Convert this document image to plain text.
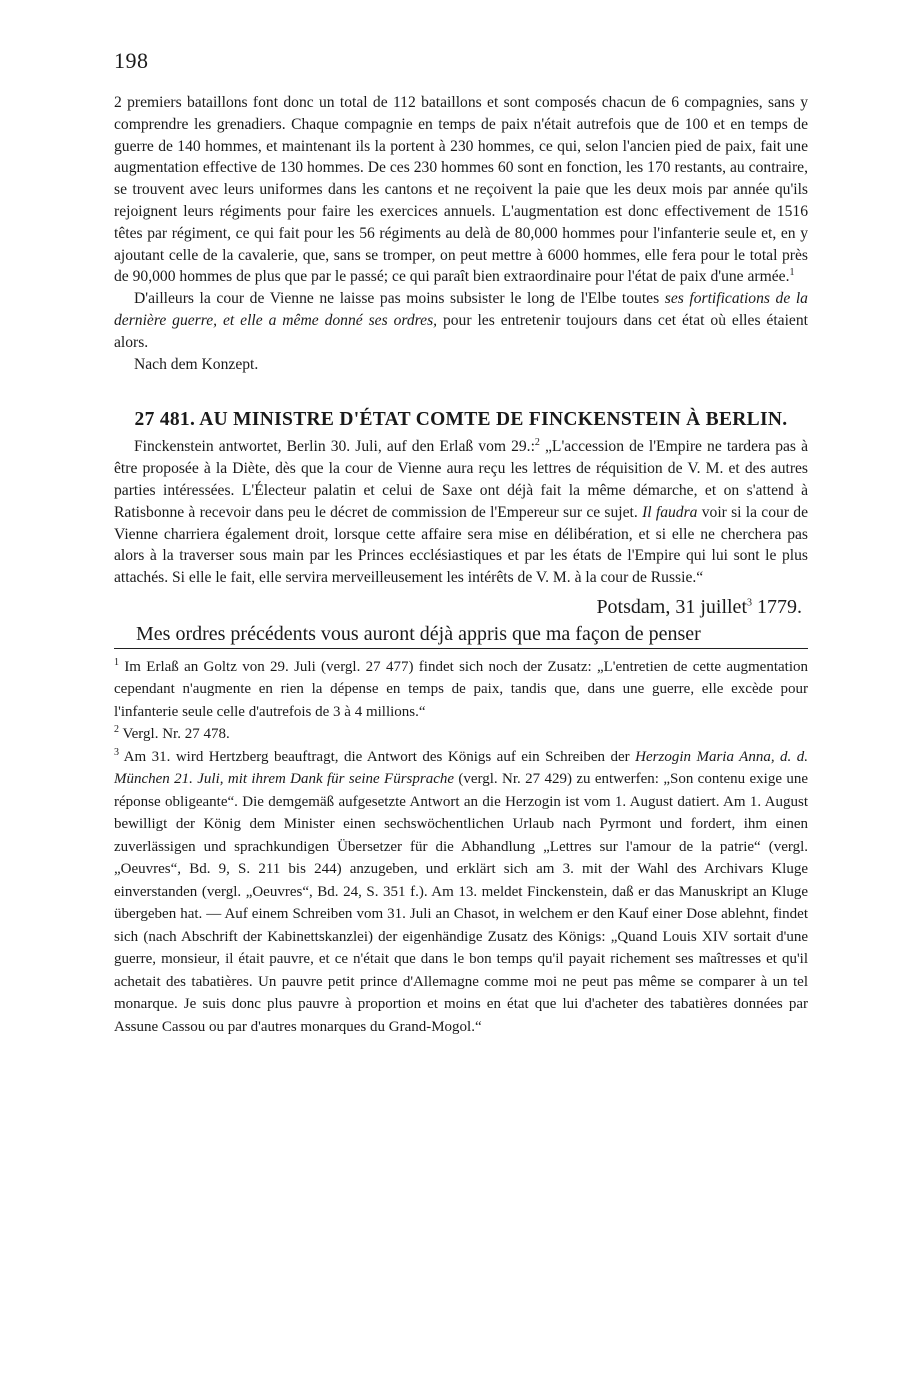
198

2 premiers bataillons font donc un total de 112 bataillons et sont composés chacun de 6 compagnies, sans y comprendre les grenadiers. Chaque compagnie en temps de paix n'était autrefois que de 100 et en temps de guerre de 140 hommes, et maintenant ils la portent à 230 hommes, ce qui, selon l'ancien pied de paix, fait une augmentation effective de 130 hommes. De ces 230 hommes 60 sont en fonction, les 170 restants, au contraire, se trouvent avec leurs uniformes dans les cantons et ne reçoivent la paie que les deux mois par année qu'ils rejoignent leurs régiments pour faire les exercices annuels. L'augmentation est donc effectivement de 1516 têtes par régiment, ce qui fait pour les 56 régiments au delà de 80,000 hommes pour l'infanterie seule et, en y ajoutant celle de la cavalerie, que, sans se tromper, on peut mettre à 6000 hommes, elle fera pour le total près de 90,000 hommes de plus que par le passé; ce qui paraît bien extraordinaire pour l'état de paix d'une armée.$^1$

D'ailleurs la cour de Vienne ne laisse pas moins subsister le long de l'Elbe toutes ses fortifications de la dernière guerre, et elle a même donné ses ordres, pour les entretenir toujours dans cet état où elles étaient alors.

Nach dem Konzept.

27 481. AU MINISTRE D'ÉTAT COMTE DE FINCKENSTEIN À BERLIN.

Finckenstein antwortet, Berlin 30. Juli, auf den Erlaß vom 29.:$^2$ „L'accession de l'Empire ne tardera pas à être proposée à la Diète, dès que la cour de Vienne aura reçu les lettres de réquisition de V. M. et des autres parties intéressées. L'Électeur palatin et celui de Saxe ont déjà fait la même démarche, et on s'attend à Ratisbonne à recevoir dans peu le décret de commission de l'Empereur sur ce sujet. Il faudra voir si la cour de Vienne charriera également droit, lorsque cette affaire sera mise en délibération, et si elle ne cherchera pas alors à la traverser sous main par les Princes ecclésiastiques et par les états de l'Empire qui lui sont le plus attachés. Si elle le fait, elle servira merveilleusement les intérêts de V. M. à la cour de Russie.“

Potsdam, 31 juillet$^3$ 1779.

Mes ordres précédents vous auront déjà appris que ma façon de penser

$^1$ Im Erlaß an Goltz von 29. Juli (vergl. 27 477) findet sich noch der Zusatz: „L'entretien de cette augmentation cependant n'augmente en rien la dépense en temps de paix, tandis que, dans une guerre, elle excède pour l'infanterie seule celle d'autrefois de 3 à 4 millions.“

$^2$ Vergl. Nr. 27 478.

$^3$ Am 31. wird Hertzberg beauftragt, die Antwort des Königs auf ein Schreiben der Herzogin Maria Anna, d. d. München 21. Juli, mit ihrem Dank für seine Fürsprache (vergl. Nr. 27 429) zu entwerfen: „Son contenu exige une réponse obligeante“. Die demgemäß aufgesetzte Antwort an die Herzogin ist vom 1. August datiert. Am 1. August bewilligt der König dem Minister einen sechswöchentlichen Urlaub nach Pyrmont und fordert, ihm einen zuverlässigen und sprachkundigen Übersetzer für die Abhandlung „Lettres sur l'amour de la patrie“ (vergl. „Oeuvres“, Bd. 9, S. 211 bis 244) anzugeben, und erklärt sich am 3. mit der Wahl des Archivars Kluge einverstanden (vergl. „Oeuvres“, Bd. 24, S. 351 f.). Am 13. meldet Finckenstein, daß er das Manuskript an Kluge übergeben hat. — Auf einem Schreiben vom 31. Juli an Chasot, in welchem er den Kauf einer Dose ablehnt, findet sich (nach Abschrift der Kabinettskanzlei) der eigenhändige Zusatz des Königs: „Quand Louis XIV sortait d'une guerre, monsieur, il était pauvre, et ce n'était que dans le bon temps qu'il payait richement ses maîtresses et qu'il achetait des tabatières. Un pauvre petit prince d'Allemagne comme moi ne peut pas même se comparer à un tel monarque. Je suis donc plus pauvre à proportion et moins en état que lui d'acheter des tabatières données par Assune Cassou ou par d'autres monarques du Grand-Mogol.“
